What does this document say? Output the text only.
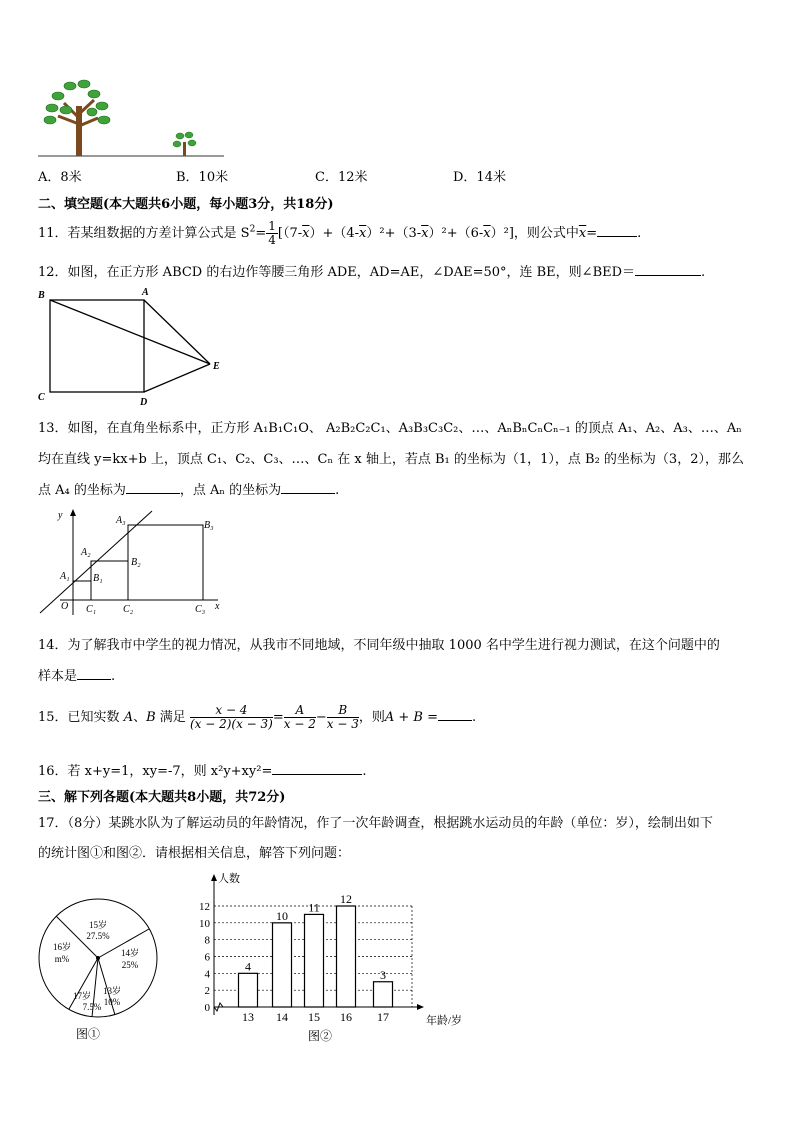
A．8米	B．10米	C．12米	D．14米
二、填空题(本大题共6小题，每小题3分，共18分)
11．若某组数据的方差计算公式是 $S^2= \frac{1}{4} [(7-\overline{x})+(4-\overline{x})^2+(3-\overline{x})^2+(6-\overline{x})^2]$，则公式中$\overline{x}=$	.
12．如图，在正方形 ABCD 的右边作等腰三角形 ADE，AD=AE，∠DAE=50°，连 BE，则∠BED＝	.
B	A
C	D
E
13．如图，在直角坐标系中，正方形 A₁B₁C₁O、 A₂B₂C₂C₁、A₃B₃C₃C₂、…、AₙBₙCₙCₙ₋₁ 的顶点 A₁、A₂、A₃、…、Aₙ
均在直线 y=kx+b 上，顶点 C₁、C₂、C₃、…、Cₙ 在 x 轴上，若点 B₁ 的坐标为（1，1），点 B₂ 的坐标为（3，2），那么
点 A₄ 的坐标为	，点 Aₙ 的坐标为	.
y
x
O
A₁
A₂
A₃
B₁
B₂
B₃
C₁	C₂	C₃
14．为了解我市中学生的视力情况，从我市不同地域，不同年级中抽取 1000 名中学生进行视力测试，在这个问题中的
样本是	.
15．已知实数 A、B 满足 $\frac{x - 4}{(x - 2)(x - 3)} = \frac{A}{x - 2} - \frac{B}{x - 3}$ ，则A + B =	.
16．若 x+y=1，xy=-7，则 x²y+xy²=	.
三、解下列各题(本大题共8小题，共72分)
17．（8分）某跳水队为了解运动员的年龄情况，作了一次年龄调查，根据跳水运动员的年龄（单位：岁），绘制出如下
的统计图①和图②．请根据相关信息，解答下列问题：
15岁
27.5%
14岁
25%
13岁
10%
17岁
7.5%
16岁
m%
图①
人数
年龄/岁
图②
0
2
4
6
8
10
12
4
13
10
14
11
15
12
16
3
17
